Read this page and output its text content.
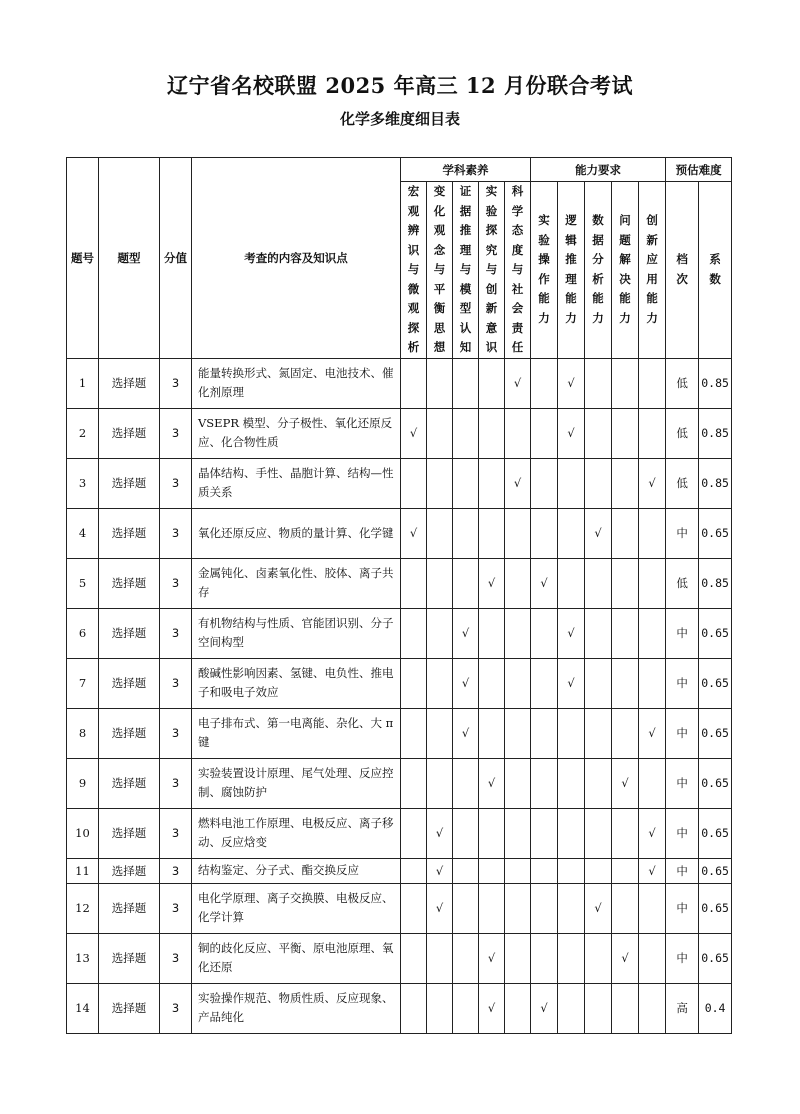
辽宁省名校联盟 2025 年高三 12 月份联合考试
化学多维度细目表
题号	题型	分值	考查的内容及知识点	学科素养					能力要求					预估难度	
				宏观辨识与微观探析	变化观念与平衡思想	证据推理与模型认知	实验探究与创新意识	科学态度与社会责任	实验操作能力	逻辑推理能力	数据分析能力	问题解决能力	创新应用能力	档次	系数
1	选择题	3	能量转换形式、氮固定、电池技术、催化剂原理					√		√				低	0.85
2	选择题	3	VSEPR 模型、分子极性、氧化还原反应、化合物性质	√						√				低	0.85
3	选择题	3	晶体结构、手性、晶胞计算、结构—性质关系					√					√	低	0.85
4	选择题	3	氧化还原反应、物质的量计算、化学键	√							√			中	0.65
5	选择题	3	金属钝化、卤素氧化性、胶体、离子共存				√		√					低	0.85
6	选择题	3	有机物结构与性质、官能团识别、分子空间构型			√				√				中	0.65
7	选择题	3	酸碱性影响因素、氢键、电负性、推电子和吸电子效应			√				√				中	0.65
8	选择题	3	电子排布式、第一电离能、杂化、大 π 键			√							√	中	0.65
9	选择题	3	实验装置设计原理、尾气处理、反应控制、腐蚀防护				√					√		中	0.65
10	选择题	3	燃料电池工作原理、电极反应、离子移动、反应焓变		√								√	中	0.65
11	选择题	3	结构鉴定、分子式、酯交换反应		√								√	中	0.65
12	选择题	3	电化学原理、离子交换膜、电极反应、化学计算		√						√			中	0.65
13	选择题	3	铜的歧化反应、平衡、原电池原理、氧化还原				√					√		中	0.65
14	选择题	3	实验操作规范、物质性质、反应现象、产品纯化				√		√					高	0.4
